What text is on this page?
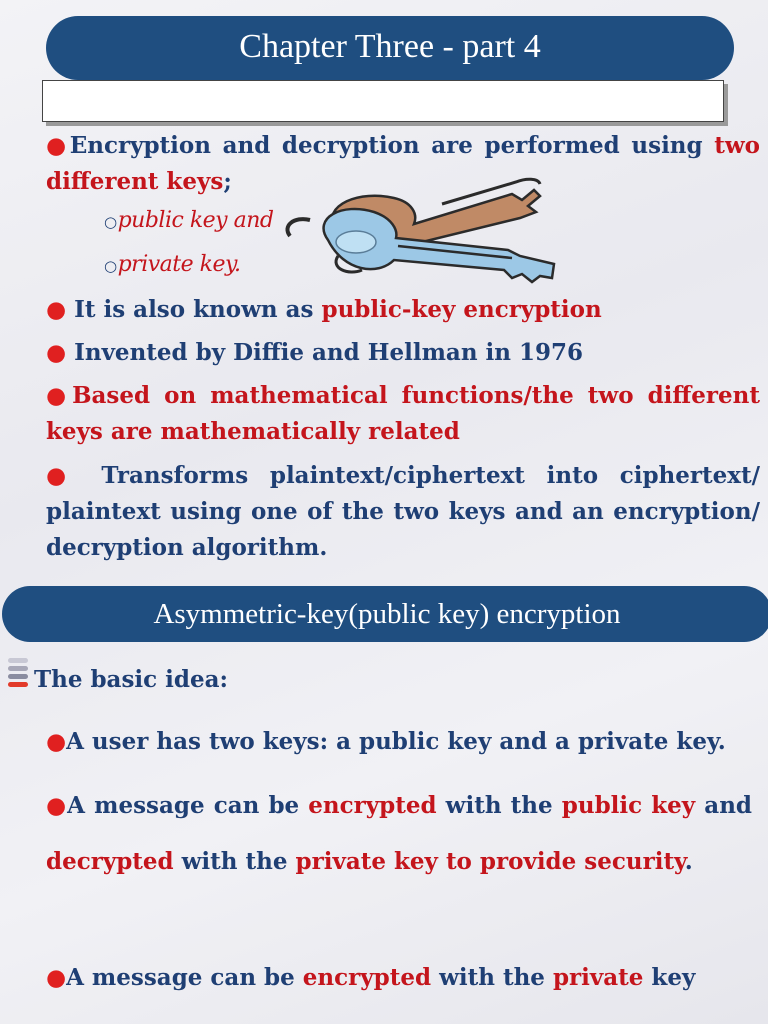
Chapter Three - part 4

●Encryption and decryption are performed using two different keys;

○public key and
○private key.

● It is also known as public-key encryption

● Invented by Diffie and Hellman in 1976

●Based on mathematical functions/the two different keys are mathematically related

● Transforms plaintext/ciphertext into ciphertext/ plaintext using one of the two keys and an encryption/ decryption algorithm.

Asymmetric-key(public key) encryption

The basic idea:

●A user has two keys: a public key and a private key.

●A message can be encrypted with the public key and decrypted with the private key to provide security.

●A message can be encrypted with the private key
